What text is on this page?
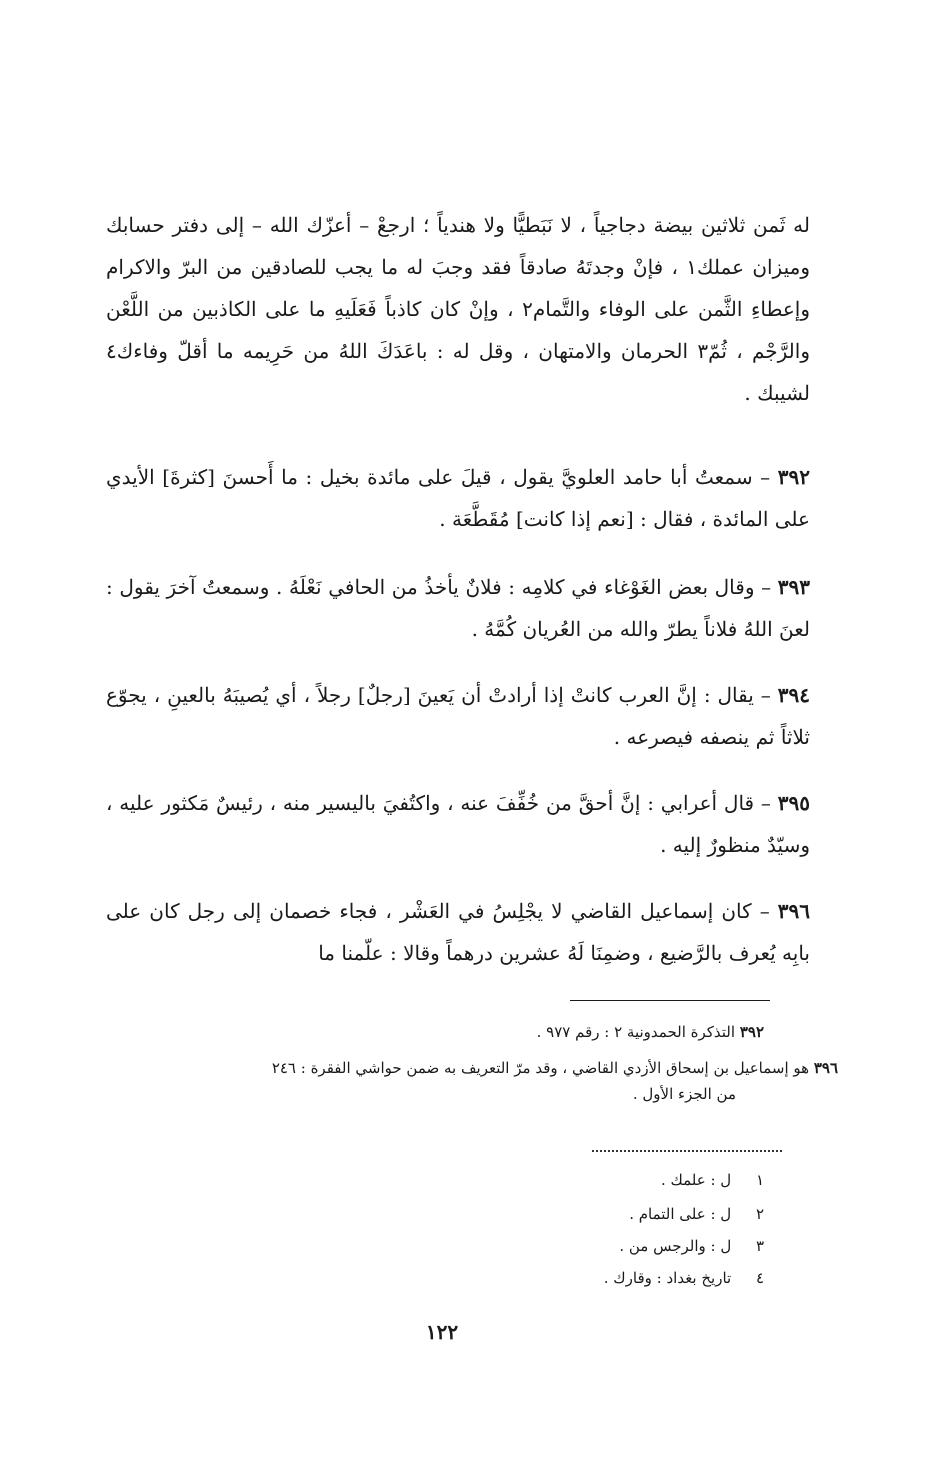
له ثَمن ثلاثين بيضة دجاجياً ، لا نَبَطيًّا ولا هندياً ؛ ارجعْ – أعزّك الله – إلى دفتر حسابك وميزان عملك١ ، فإنْ وجدتَهُ صادقاً فقد وجبَ له ما يجب للصادقين من البرّ والاكرام وإعطاءِ الثَّمن على الوفاء والتَّمام٢ ، وإنْ كان كاذباً فَعَلَيهِ ما على الكاذبين من اللَّعْن والرَّجْم ، ثُمّ٣ الحرمان والامتهان ، وقل له : باعَدَكَ اللهُ من حَرِيمه ما أقلّ وفاءك٤ لشيبك .

٣٩٢ – سمعتُ أبا حامد العلويَّ يقول ، قيلَ على مائدة بخيل : ما أَحسنَ [كثرةَ] الأيدي على المائدة ، فقال : [نعم إذا كانت] مُقَطَّعَة .

٣٩٣ – وقال بعض الغَوْغاء في كلامِه : فلانٌ يأخذُ من الحافي نَعْلَهُ . وسمعتُ آخرَ يقول : لعنَ اللهُ فلاناً يطرّ والله من العُريان كُمَّهُ .

٣٩٤ – يقال : إنَّ العرب كانتْ إذا أرادتْ أن يَعينَ [رجلٌ] رجلاً ، أي يُصيبَهُ بالعينِ ، يجوّع ثلاثاً ثم ينصفه فيصرعه .

٣٩٥ – قال أعرابي : إنَّ أحقَّ من خُفِّفَ عنه ، واكتُفيَ باليسير منه ، رئيسٌ مَكثور عليه ، وسيّدٌ منظورٌ إليه .

٣٩٦ – كان إسماعيل القاضي لا يجْلِسُ في العَشْر ، فجاء خصمان إلى رجل كان على بابِه يُعرف بالرَّضيع ، وضمِنَا لَهُ عشرين درهماً وقالا : علّمنا ما

٣٩٢ التذكرة الحمدونية ٢ : رقم ٩٧٧ .

٣٩٦ هو إسماعيل بن إسحاق الأزدي القاضي ، وقد مرّ التعريف به ضمن حواشي الفقرة : ٢٤٦

من الجزء الأول .

١ ل : علمك .

٢ ل : على التمام .

٣ ل : والرجس من .

٤ تاريخ بغداد : وقارك .

١٢٢
